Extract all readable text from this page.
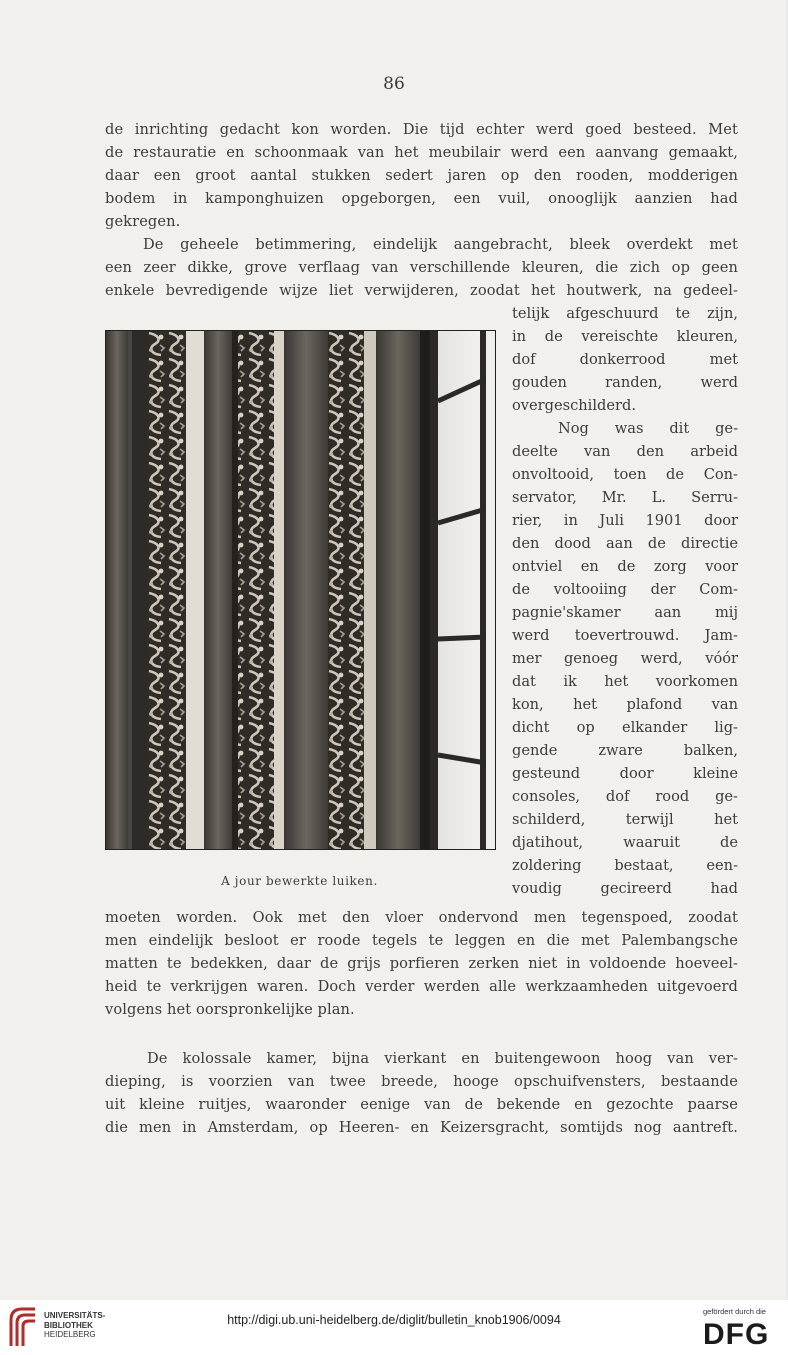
86
de inrichting gedacht kon worden. Die tijd echter werd goed besteed. Met
de restauratie en schoonmaak van het meubilair werd een aanvang gemaakt,
daar een groot aantal stukken sedert jaren op den rooden, modderigen
bodem in kamponghuizen opgeborgen, een vuil, onooglijk aanzien had
gekregen.
De geheele betimmering, eindelijk aangebracht, bleek overdekt met
een zeer dikke, grove verflaag van verschillende kleuren, die zich op geen
enkele bevredigende wijze liet verwijderen, zoodat het houtwerk, na gedeel-
telijk afgeschuurd te zijn,
in de vereischte kleuren,
dof donkerrood met
gouden randen, werd
overgeschilderd.
Nog was dit ge-
deelte van den arbeid
onvoltooid, toen de Con-
servator, Mr. L. Serru-
rier, in Juli 1901 door
den dood aan de directie
ontviel en de zorg voor
de voltooiing der Com-
pagnie'skamer aan mij
werd toevertrouwd. Jam-
mer genoeg werd, vóór
dat ik het voorkomen
kon, het plafond van
dicht op elkander lig-
gende zware balken,
gesteund door kleine
consoles, dof rood ge-
schilderd, terwijl het
djatihout, waaruit de
zoldering bestaat, een-
voudig gecireerd had
A jour bewerkte luiken.
moeten worden. Ook met den vloer ondervond men tegenspoed, zoodat
men eindelijk besloot er roode tegels te leggen en die met Palembangsche
matten te bedekken, daar de grijs porfieren zerken niet in voldoende hoeveel-
heid te verkrijgen waren. Doch verder werden alle werkzaamheden uitgevoerd
volgens het oorspronkelijke plan.
De kolossale kamer, bijna vierkant en buitengewoon hoog van ver-
dieping, is voorzien van twee breede, hooge opschuifvensters, bestaande
uit kleine ruitjes, waaronder eenige van de bekende en gezochte paarse
die men in Amsterdam, op Heeren- en Keizersgracht, somtijds nog aantreft.
UNIVERSITÄTS-
BIBLIOTHEK
HEIDELBERG
http://digi.ub.uni-heidelberg.de/diglit/bulletin_knob1906/0094
gefördert durch die
DFG
